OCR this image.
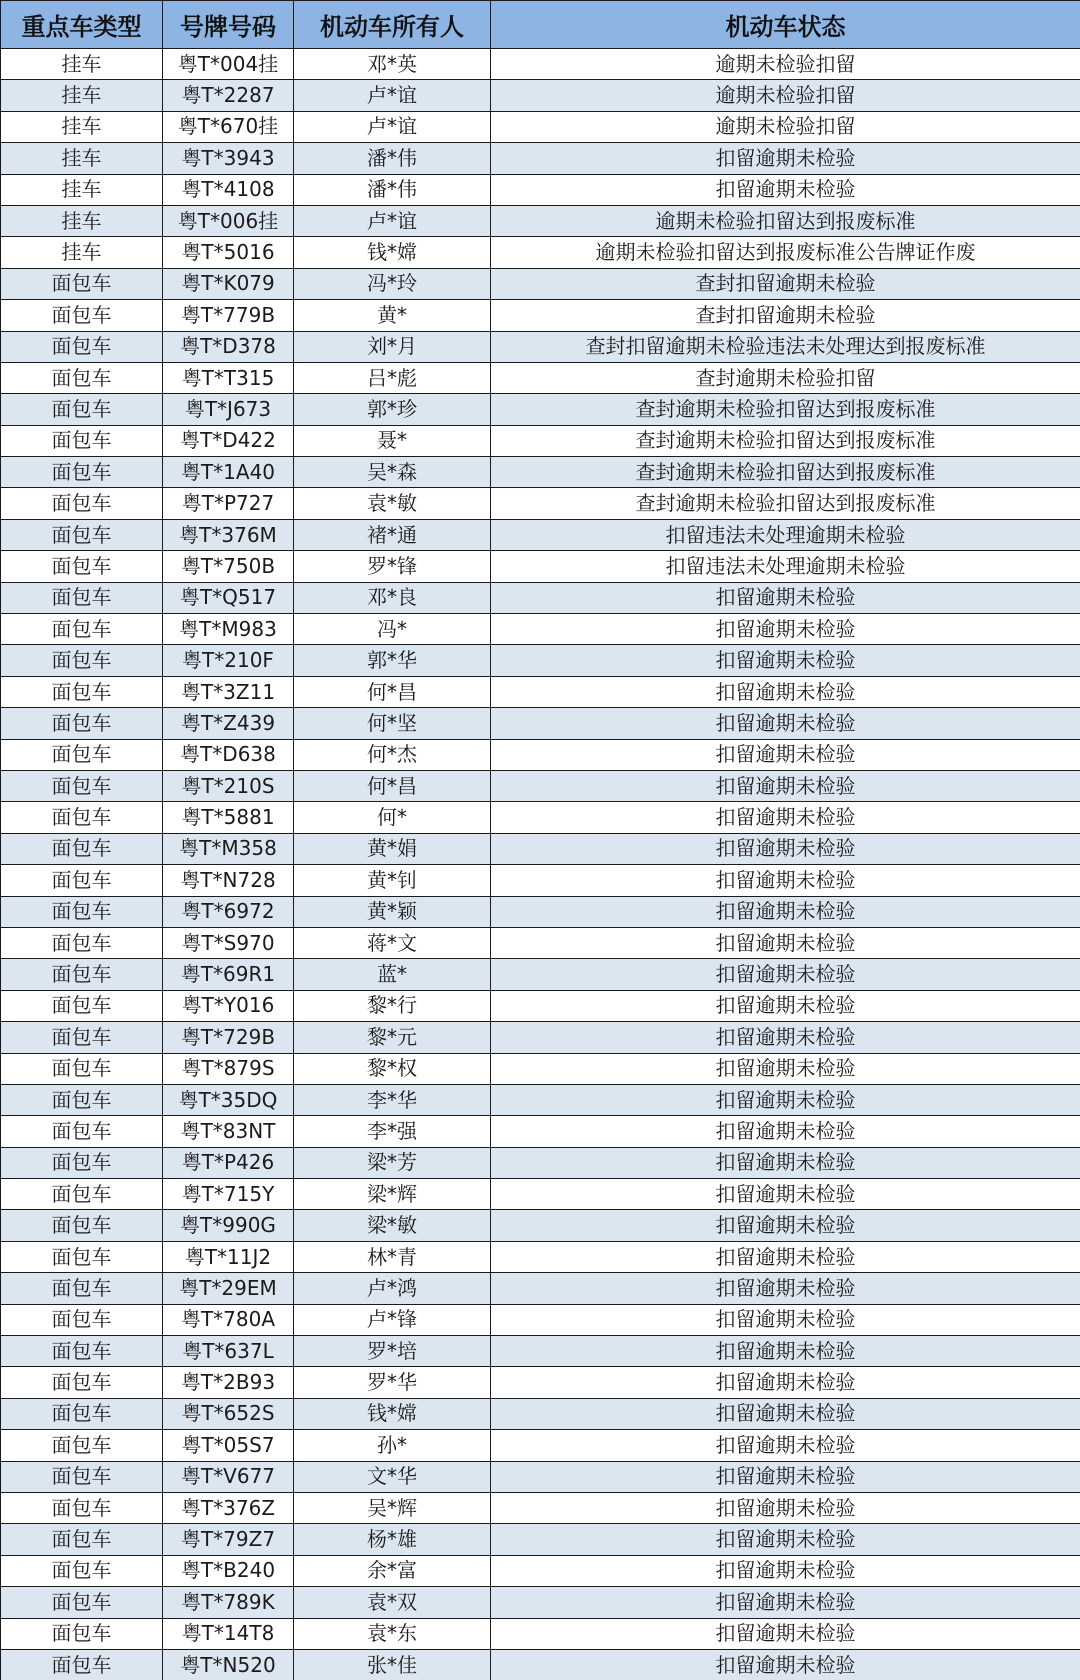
重点车类型	号牌号码	机动车所有人	机动车状态
挂车	粤T*004挂	邓*英	逾期未检验扣留
挂车	粤T*2287	卢*谊	逾期未检验扣留
挂车	粤T*670挂	卢*谊	逾期未检验扣留
挂车	粤T*3943	潘*伟	扣留逾期未检验
挂车	粤T*4108	潘*伟	扣留逾期未检验
挂车	粤T*006挂	卢*谊	逾期未检验扣留达到报废标准
挂车	粤T*5016	钱*嫦	逾期未检验扣留达到报废标准公告牌证作废
面包车	粤T*K079	冯*玲	查封扣留逾期未检验
面包车	粤T*779B	黄*	查封扣留逾期未检验
面包车	粤T*D378	刘*月	查封扣留逾期未检验违法未处理达到报废标准
面包车	粤T*T315	吕*彪	查封逾期未检验扣留
面包车	粤T*J673	郭*珍	查封逾期未检验扣留达到报废标准
面包车	粤T*D422	聂*	查封逾期未检验扣留达到报废标准
面包车	粤T*1A40	吴*森	查封逾期未检验扣留达到报废标准
面包车	粤T*P727	袁*敏	查封逾期未检验扣留达到报废标准
面包车	粤T*376M	褚*通	扣留违法未处理逾期未检验
面包车	粤T*750B	罗*锋	扣留违法未处理逾期未检验
面包车	粤T*Q517	邓*良	扣留逾期未检验
面包车	粤T*M983	冯*	扣留逾期未检验
面包车	粤T*210F	郭*华	扣留逾期未检验
面包车	粤T*3Z11	何*昌	扣留逾期未检验
面包车	粤T*Z439	何*坚	扣留逾期未检验
面包车	粤T*D638	何*杰	扣留逾期未检验
面包车	粤T*210S	何*昌	扣留逾期未检验
面包车	粤T*5881	何*	扣留逾期未检验
面包车	粤T*M358	黄*娟	扣留逾期未检验
面包车	粤T*N728	黄*钊	扣留逾期未检验
面包车	粤T*6972	黄*颖	扣留逾期未检验
面包车	粤T*S970	蒋*文	扣留逾期未检验
面包车	粤T*69R1	蓝*	扣留逾期未检验
面包车	粤T*Y016	黎*行	扣留逾期未检验
面包车	粤T*729B	黎*元	扣留逾期未检验
面包车	粤T*879S	黎*权	扣留逾期未检验
面包车	粤T*35DQ	李*华	扣留逾期未检验
面包车	粤T*83NT	李*强	扣留逾期未检验
面包车	粤T*P426	梁*芳	扣留逾期未检验
面包车	粤T*715Y	梁*辉	扣留逾期未检验
面包车	粤T*990G	梁*敏	扣留逾期未检验
面包车	粤T*11J2	林*青	扣留逾期未检验
面包车	粤T*29EM	卢*鸿	扣留逾期未检验
面包车	粤T*780A	卢*锋	扣留逾期未检验
面包车	粤T*637L	罗*培	扣留逾期未检验
面包车	粤T*2B93	罗*华	扣留逾期未检验
面包车	粤T*652S	钱*嫦	扣留逾期未检验
面包车	粤T*05S7	孙*	扣留逾期未检验
面包车	粤T*V677	文*华	扣留逾期未检验
面包车	粤T*376Z	吴*辉	扣留逾期未检验
面包车	粤T*79Z7	杨*雄	扣留逾期未检验
面包车	粤T*B240	余*富	扣留逾期未检验
面包车	粤T*789K	袁*双	扣留逾期未检验
面包车	粤T*14T8	袁*东	扣留逾期未检验
面包车	粤T*N520	张*佳	扣留逾期未检验
